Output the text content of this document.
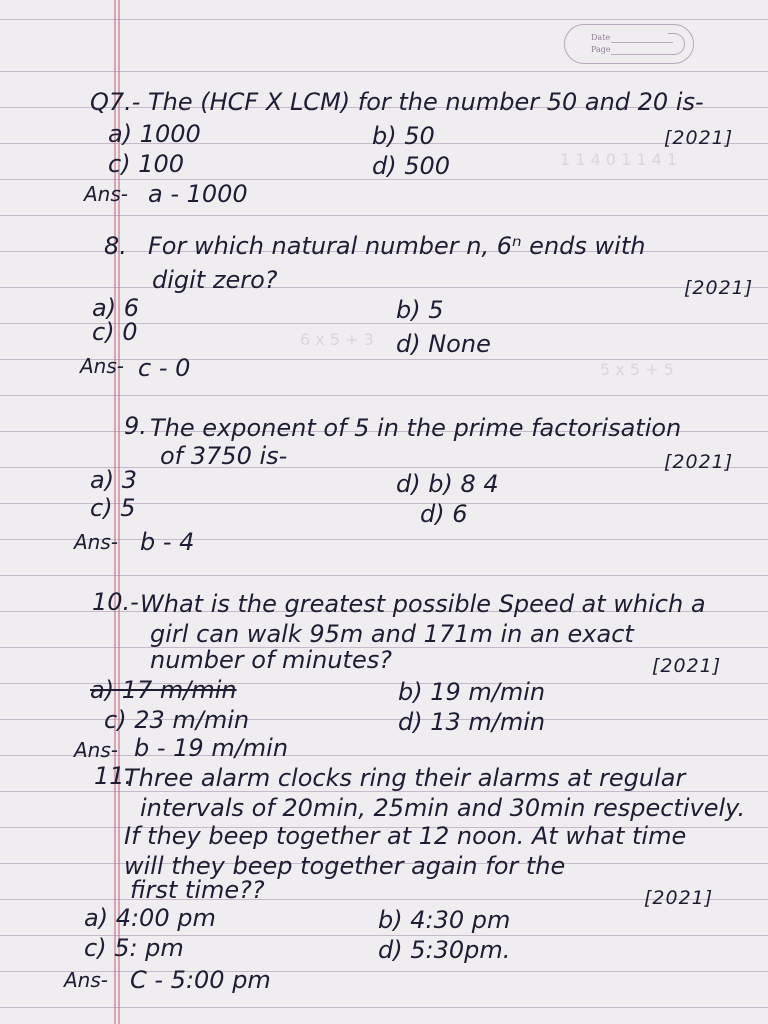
Date
Page
1 1 4 0 1 1 4 1
6 x 5 + 3
5 x 5 + 5
Q7.- The (HCF X LCM) for the number 50 and 20 is-
[2021]
a) 1000	b) 50
c) 100	d) 500
Ans- a - 1000
8. For which natural number n, 6ⁿ ends with
digit zero?	[2021]
a) 6	b) 5
c) 0	d) None
Ans- c - 0
9. The exponent of 5 in the prime factorisation
of 3750 is-	[2021]
a) 3	d) b) 8 4
c) 5	d) 6
Ans- b - 4
10.- What is the greatest possible Speed at which a
girl can walk 95m and 171m in an exact
number of minutes?	[2021]
a) 17 m/min	b) 19 m/min
c) 23 m/min	d) 13 m/min
Ans- b - 19 m/min
11.
Three alarm clocks ring their alarms at regular
intervals of 20min, 25min and 30min respectively.
If they beep together at 12 noon. At what time
will they beep together again for the
first time??	[2021]
a) 4:00 pm	b) 4:30 pm
c) 5: pm	d) 5:30pm.
Ans- C - 5:00 pm
